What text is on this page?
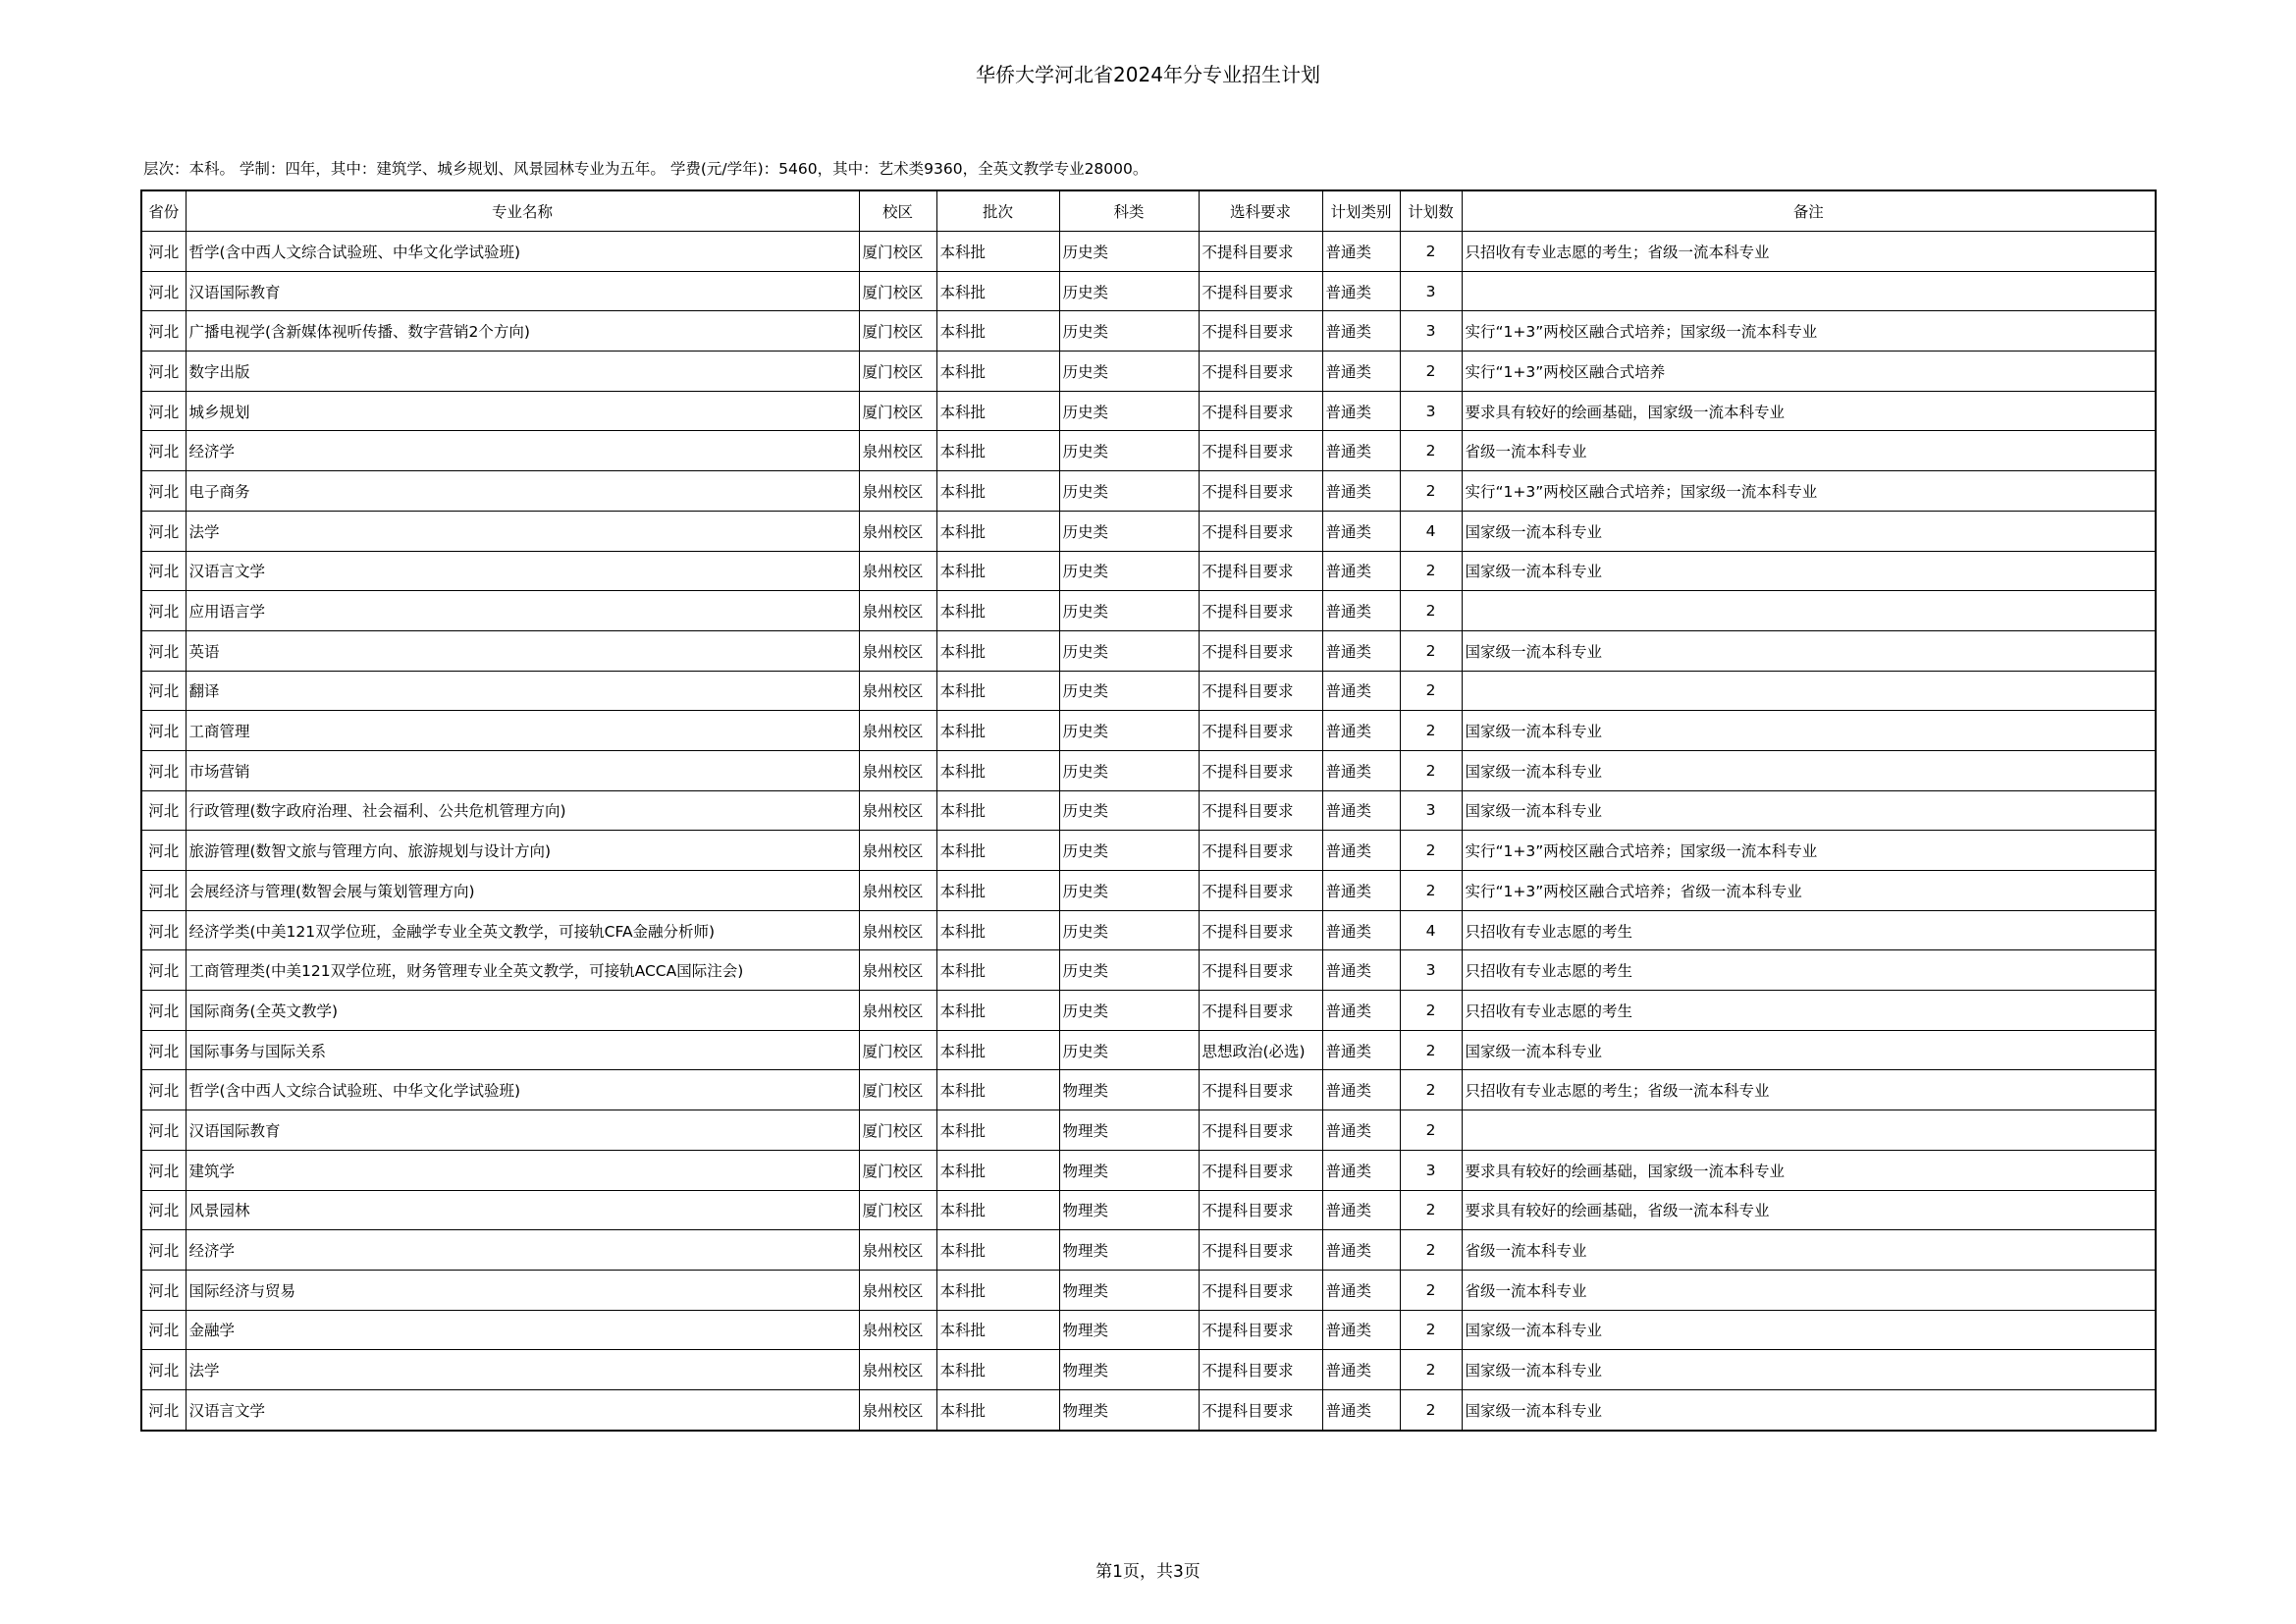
华侨大学河北省2024年分专业招生计划
层次：本科。 学制：四年，其中：建筑学、城乡规划、风景园林专业为五年。 学费(元/学年)：5460，其中：艺术类9360，全英文教学专业28000。
省份	专业名称	校区	批次	科类	选科要求	计划类别	计划数	备注
河北	哲学(含中西人文综合试验班、中华文化学试验班)	厦门校区	本科批	历史类	不提科目要求	普通类	2	只招收有专业志愿的考生；省级一流本科专业
河北	汉语国际教育	厦门校区	本科批	历史类	不提科目要求	普通类	3	
河北	广播电视学(含新媒体视听传播、数字营销2个方向)	厦门校区	本科批	历史类	不提科目要求	普通类	3	实行“1+3”两校区融合式培养；国家级一流本科专业
河北	数字出版	厦门校区	本科批	历史类	不提科目要求	普通类	2	实行“1+3”两校区融合式培养
河北	城乡规划	厦门校区	本科批	历史类	不提科目要求	普通类	3	要求具有较好的绘画基础，国家级一流本科专业
河北	经济学	泉州校区	本科批	历史类	不提科目要求	普通类	2	省级一流本科专业
河北	电子商务	泉州校区	本科批	历史类	不提科目要求	普通类	2	实行“1+3”两校区融合式培养；国家级一流本科专业
河北	法学	泉州校区	本科批	历史类	不提科目要求	普通类	4	国家级一流本科专业
河北	汉语言文学	泉州校区	本科批	历史类	不提科目要求	普通类	2	国家级一流本科专业
河北	应用语言学	泉州校区	本科批	历史类	不提科目要求	普通类	2	
河北	英语	泉州校区	本科批	历史类	不提科目要求	普通类	2	国家级一流本科专业
河北	翻译	泉州校区	本科批	历史类	不提科目要求	普通类	2	
河北	工商管理	泉州校区	本科批	历史类	不提科目要求	普通类	2	国家级一流本科专业
河北	市场营销	泉州校区	本科批	历史类	不提科目要求	普通类	2	国家级一流本科专业
河北	行政管理(数字政府治理、社会福利、公共危机管理方向)	泉州校区	本科批	历史类	不提科目要求	普通类	3	国家级一流本科专业
河北	旅游管理(数智文旅与管理方向、旅游规划与设计方向)	泉州校区	本科批	历史类	不提科目要求	普通类	2	实行“1+3”两校区融合式培养；国家级一流本科专业
河北	会展经济与管理(数智会展与策划管理方向)	泉州校区	本科批	历史类	不提科目要求	普通类	2	实行“1+3”两校区融合式培养；省级一流本科专业
河北	经济学类(中美121双学位班，金融学专业全英文教学，可接轨CFA金融分析师)	泉州校区	本科批	历史类	不提科目要求	普通类	4	只招收有专业志愿的考生
河北	工商管理类(中美121双学位班，财务管理专业全英文教学，可接轨ACCA国际注会)	泉州校区	本科批	历史类	不提科目要求	普通类	3	只招收有专业志愿的考生
河北	国际商务(全英文教学)	泉州校区	本科批	历史类	不提科目要求	普通类	2	只招收有专业志愿的考生
河北	国际事务与国际关系	厦门校区	本科批	历史类	思想政治(必选)	普通类	2	国家级一流本科专业
河北	哲学(含中西人文综合试验班、中华文化学试验班)	厦门校区	本科批	物理类	不提科目要求	普通类	2	只招收有专业志愿的考生；省级一流本科专业
河北	汉语国际教育	厦门校区	本科批	物理类	不提科目要求	普通类	2	
河北	建筑学	厦门校区	本科批	物理类	不提科目要求	普通类	3	要求具有较好的绘画基础，国家级一流本科专业
河北	风景园林	厦门校区	本科批	物理类	不提科目要求	普通类	2	要求具有较好的绘画基础，省级一流本科专业
河北	经济学	泉州校区	本科批	物理类	不提科目要求	普通类	2	省级一流本科专业
河北	国际经济与贸易	泉州校区	本科批	物理类	不提科目要求	普通类	2	省级一流本科专业
河北	金融学	泉州校区	本科批	物理类	不提科目要求	普通类	2	国家级一流本科专业
河北	法学	泉州校区	本科批	物理类	不提科目要求	普通类	2	国家级一流本科专业
河北	汉语言文学	泉州校区	本科批	物理类	不提科目要求	普通类	2	国家级一流本科专业
第1页，共3页
